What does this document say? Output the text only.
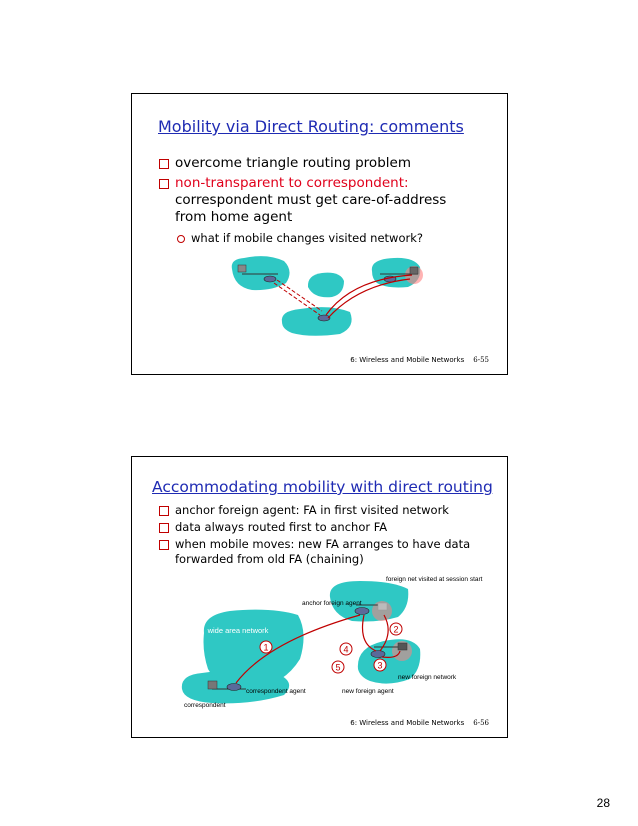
Mobility via Direct Routing: comments
overcome triangle routing problem
non-transparent to correspondent:
correspondent must get care-of-address
from home agent
what if mobile changes visited network?
6: Wireless and Mobile Networks 6-55
Accommodating mobility with direct routing
anchor foreign agent: FA in first visited network
data always routed first to anchor FA
when mobile moves: new FA arranges to have data
forwarded from old FA (chaining)
1
2
3
4
5
wide area network
foreign net visited at session start
anchor foreign agent
correspondent agent
correspondent
new foreign agent
new foreign network
6: Wireless and Mobile Networks 6-56
28
